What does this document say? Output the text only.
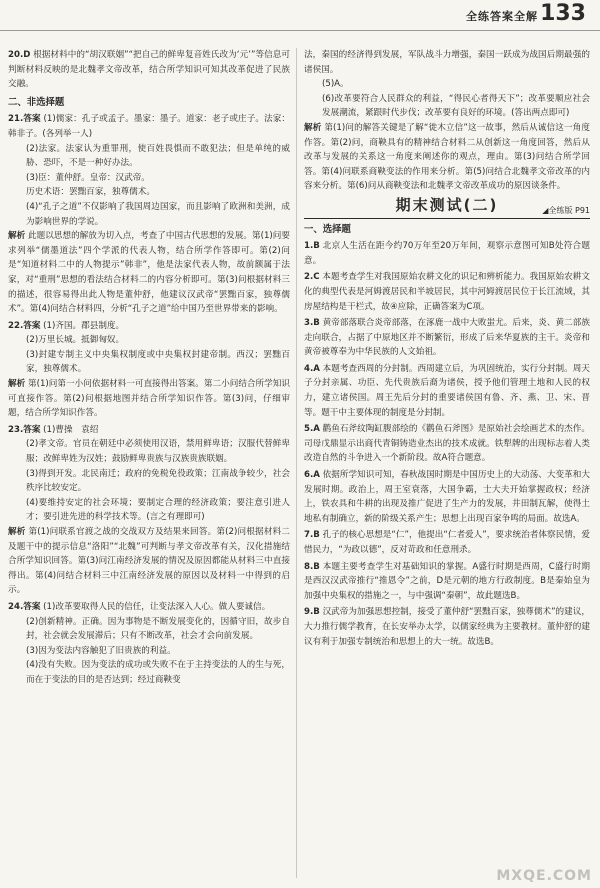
全练答案全解 133

20.D 根据材料中的“胡汉联姻”“把自己的鲜卑复音姓氏改为‘元’”等信息可判断材料反映的是北魏孝文帝改革，结合所学知识可知其改革促进了民族交融。

二、非选择题

21.答案 (1)儒家：孔子或孟子。墨家：墨子。道家：老子或庄子。法家：韩非子。(各列举一人)

(2)法家。法家认为重罪刑，使百姓畏惧而不敢犯法；但是单纯的威胁、恐吓，不是一种好办法。

(3)臣：董仲舒。皇帝：汉武帝。

历史术语：罢黜百家，独尊儒术。

(4)“孔子之道”不仅影响了我国周边国家，而且影响了欧洲和美洲，成为影响世界的学说。

解析 此题以思想的解放为切入点，考查了中国古代思想的发展。第(1)问要求列举“儒墨道法”四个学派的代表人物，结合所学作答即可。第(2)问是“知道材料二中的人物提示”韩非”，他是法家代表人物，故前额属于法家，对“重刑”思想的看法结合材料二的内容分析即可。第(3)问根据材料三的描述，很容易得出此人物是董仲舒，他建议汉武帝“罢黜百家，独尊儒术”。第(4)问结合材料四，分析“孔子之道”给中国乃至世界带来的影响。

22.答案 (1)齐国。郡县制度。

(2)万里长城。抵御匈奴。

(3)封建专制主义中央集权制度或中央集权封建帝制。西汉；罢黜百家，独尊儒术。

解析 第(1)问第一小问依据材料一可直接得出答案。第二小问结合所学知识可直接作答。第(2)问根据地图并结合所学知识作答。第(3)问，仔细审题，结合所学知识作答。

23.答案 (1)曹操　袁绍

(2)孝文帝。官员在朝廷中必须使用汉语，禁用鲜卑语；汉服代替鲜卑服；改鲜卑姓为汉姓；鼓励鲜卑贵族与汉族贵族联姻。

(3)得到开发。北民南迁；政府的免税免役政策；江南战争较少，社会秩序比较安定。

(4)要维持安定的社会环境；要制定合理的经济政策；要注意引进人才；要引进先进的科学技术等。(言之有理即可)

解析 第(1)问联系官渡之战的交战双方及结果来回答。第(2)问根据材料二及题干中的提示信息“洛阳”“北魏”可判断与孝文帝改革有关，汉化措施结合所学知识回答。第(3)问江南经济发展的情况及原因都能从材料三中直接得出。第(4)问结合材料三中江南经济发展的原因以及材料一中得到的启示。

24.答案 (1)改革要取得人民的信任，让变法深入人心。做人要诚信。

(2)创新精神。正确。因为事物是不断发展变化的，因循守旧，故步自封，社会就会发展滞后；只有不断改革，社会才会向前发展。

(3)因为变法内容触犯了旧贵族的利益。

(4)没有失败。因为变法的成功或失败不在于主持变法的人的生与死，而在于变法的目的是否达到；经过商鞅变

法，秦国的经济得到发展，军队战斗力增强，秦国一跃成为战国后期最强的诸侯国。

(5)A。

(6)改革要符合人民群众的利益，“得民心者得天下”；改革要顺应社会发展潮流，紧跟时代步伐；改革要有良好的环境。(答出两点即可)

解析 第(1)问的解答关键是了解“徙木立信”这一故事，然后从诚信这一角度作答。第(2)问，商鞅具有的精神结合材料二从创新这一角度回答，然后从改革与发展的关系这一角度来阐述你的观点，理由。第(3)问结合所学回答。第(4)问联系商鞅变法的作用来分析。第(5)问结合北魏孝文帝改革的内容来分析。第(6)问从商鞅变法和北魏孝文帝改革成功的原因谈条件。

期末测试(二)	◢全练版 P91

一、选择题

1.B 北京人生活在距今约70万年至20万年间，观察示意图可知B处符合题意。

2.C 本题考查学生对我国原始农耕文化的识记和辨析能力。我国原始农耕文化的典型代表是河姆渡居民和半坡居民，其中河姆渡居民位于长江流域，其房屋结构是干栏式，故④应除，正确答案为C项。

3.B 黄帝部落联合炎帝部落，在涿鹿一战中大败蚩尤。后来，炎、黄二部族走向联合，占据了中原地区并不断繁衍，形成了后来华夏族的主干。炎帝和黄帝被尊奉为中华民族的人文始祖。

4.A 本题考查西周的分封制。西周建立后，为巩固统治，实行分封制。周天子分封亲属、功臣、先代贵族后裔为诸侯，授予他们管理土地和人民的权力，建立诸侯国。周王先后分封的重要诸侯国有鲁、齐、燕、卫、宋、晋等。题干中主要体现的制度是分封制。

5.A 鹳鱼石斧纹陶缸腹部绘的《鹳鱼石斧图》是原始社会绘画艺术的杰作。司母戊鼎显示出商代青铜铸造业杰出的技术成就。铁犁牌的出现标志着人类改造自然的斗争进入一个新阶段。故A符合题意。

6.A 依据所学知识可知，春秋战国时期是中国历史上的大动荡、大变革和大发展时期。政治上，周王室衰落，大国争霸，士大夫开始掌握政权；经济上，铁农具和牛耕的出现及推广促进了生产力的发展，井田制瓦解，使得土地私有制确立，新的阶级关系产生；思想上出现百家争鸣的局面。故选A。

7.B 孔子的核心思想是“仁”，他提出“仁者爱人”，要求统治者体察民情，爱惜民力，“为政以德”，反对苛政和任意刑杀。

8.B 本题主要考查学生对基础知识的掌握。A盛行时期是西周，C盛行时期是西汉汉武帝推行“推恩令”之前，D是元朝的地方行政制度。B是秦始皇为加强中央集权的措施之一，与中强调“秦朝”，故此题选B。

9.B 汉武帝为加强思想控制，接受了董仲舒“罢黜百家，独尊儒术”的建议，大力推行儒学教育，在长安举办太学，以儒家经典为主要教材。董仲舒的建议有利于加强专制统治和思想上的大一统。故选B。

MXQE.COM
